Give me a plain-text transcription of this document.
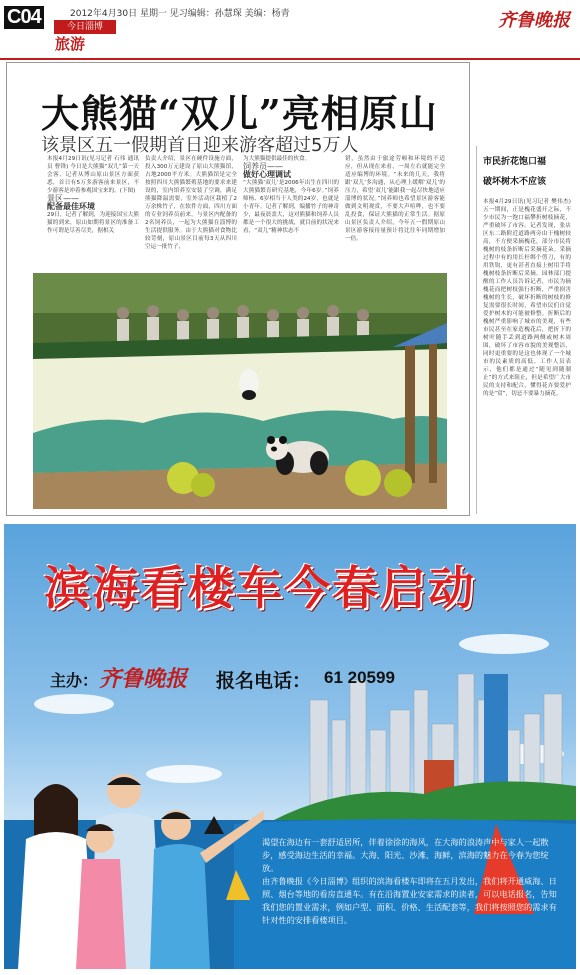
C04	2012年4月30日 星期一 见习编辑：孙慧琛 美编：杨青
今日淄博
旅游
齐鲁晚报
大熊猫“双儿”亮相原山
该景区五一假期首日迎来游客超过5万人
本报4月29日讯(见习记者 石伟 通讯员 曹锋) 今日是大熊猫“双儿”第一天会客，记者从博山原山景区方面获悉，首日有5万多游客前来景区，不少游客是冲着参观国宝来的。(下图)
景区——
配备最佳环境
29日，记者了解到，为迎接国宝大熊猫的到来，原山如期将景区的准备工作可谓是尽善尽美，据相关
负责人介绍，景区在硬件设施方面，投入300万元建设了原山大熊猫馆，占地2000平方米。大熊猫馆是完全按照四川大熊猫繁殖基地的要求来建设的，室内馆养室安装了空调，满足熊猫降温需要，室外活动区栽植了2万余株竹子，在软件方面，四川方面的专业饲养员前来，与景区内配备的2名饲养员，一起为大熊猫在淄博的生活提供服务。由于大熊猫对食物比较苛刻，原山景区目前每3天从四川空运一批竹子，
为大熊猫提供最佳的伙食。
饲养员——
做好心理调试
“大熊猫‘双儿’是2006年出生在四川的大熊猫繁育研究基地，今年6岁。”饲养师杨、6岁相当于人类的24岁，也就是小青年。记者了解到，编播竹子的神奇少，最夜晨盖大，这对熊猫和饲养人员都是一个很大的挑战，就目前的状况来看，“双儿”精神状态不
错，虽然由于旅途劳顿和环境的不适应，但从现在来看，一周左右就能完全适应编博的环境。“未来的几天，我将跟‘双儿’多沟通，从心理上缓解‘双儿’的压力，希望‘双儿’能跟我一起尽快地适应淄博的状况。”饲养师也希望景区游客能做到文明观赏，不要大声喧哗，也不要乱投食，保证大熊猫的正常生活。据原山景区负责人介绍，今年五一假期原山景区游客接待量预计将比往年同期增加一倍。
市民折花饱口福
破坏树木不应该
本报4月29日讯(见习记者 樊伟杰) 五一期间，正是槐花盛开之际，不少市民为一饱口福攀折树枝摘花，严重破坏了市容。记者发现，张店区东二路附近道路两旁由于槐树较高，不方便采摘槐花，部分市民将槐树的枝条折断后采摘花朵。采摘过程中有的用长杆绑个剪刀，有的用铁钩，更有甚者直接上树用手将槐树枝条折断后采摘。园林部门提醒的工作人员告诉记者，市民为摘槐花而把树枝强行折断，严重损害槐树的生长，破坏折断的树枝的修复需要很长时间，希望市民们自觉爱护树木的可能被修整。折断后的槐树严重影响了城市的美观，有些市民甚至在家造槐花后，把折下的树叶随手丢到道路两侧或树木周围，破坏了市容市貌的美观整洁，同时更重要的是这也体现了一个城市的民素质的高低。工作人员表示，他们都是通过“随见到随制止”的方式来阻止，但是希望广大市民的支持和配合，懂得花卉要爱护的是“赏”，切忌不要暴力摘花。
滨海看楼车今春启动
主办： 齐鲁晚报 报名电话： 61 20599
渴望在海边有一套舒适居所，伴着徐徐的海风，在大海的浪涛声中与家人一起散步，感受海边生活的幸福。大海、阳光、沙滩、海鲜，滨海的魅力在今春为您绽放。
由齐鲁晚报《今日淄博》组织的滨海看楼车即将在五月发出，我们将开通威海、日照、烟台等地的看房直通车。有在沿海置业安家需求的读者，可以电话报名，告知我们您的置业需求，例如户型、面积、价格、生活配套等，我们将按照您的需求有针对性的安排看楼项目。
